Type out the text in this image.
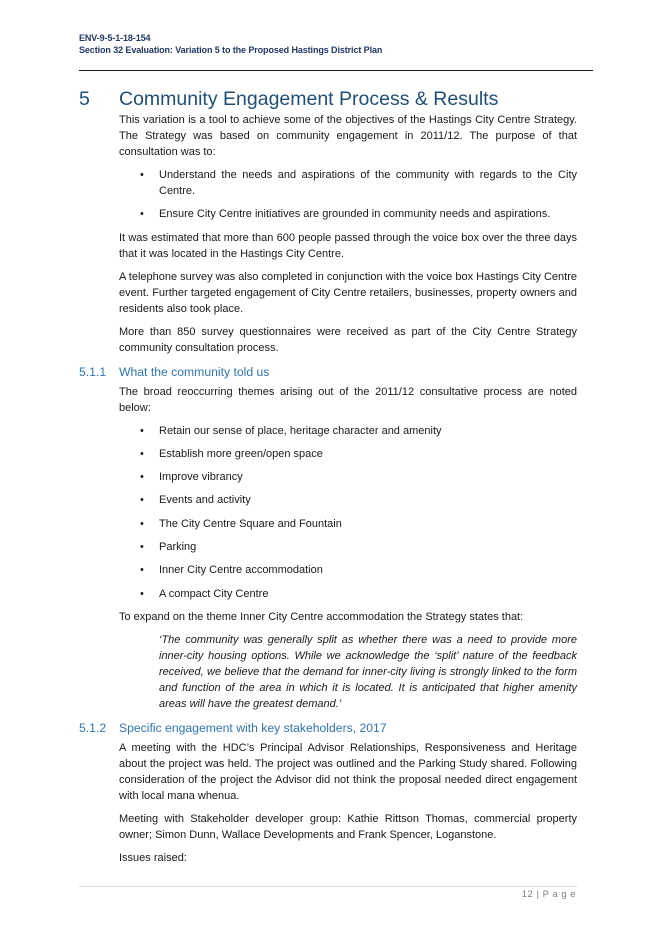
ENV-9-5-1-18-154
Section 32 Evaluation: Variation 5 to the Proposed Hastings District Plan
5	Community Engagement Process & Results

This variation is a tool to achieve some of the objectives of the Hastings City Centre Strategy. The Strategy was based on community engagement in 2011/12. The purpose of that consultation was to:

• Understand the needs and aspirations of the community with regards to the City Centre.
• Ensure City Centre initiatives are grounded in community needs and aspirations.

It was estimated that more than 600 people passed through the voice box over the three days that it was located in the Hastings City Centre.

A telephone survey was also completed in conjunction with the voice box Hastings City Centre event. Further targeted engagement of City Centre retailers, businesses, property owners and residents also took place.

More than 850 survey questionnaires were received as part of the City Centre Strategy community consultation process.

5.1.1	What the community told us

The broad reoccurring themes arising out of the 2011/12 consultative process are noted below:

• Retain our sense of place, heritage character and amenity
• Establish more green/open space
• Improve vibrancy
• Events and activity
• The City Centre Square and Fountain
• Parking
• Inner City Centre accommodation
• A compact City Centre

To expand on the theme Inner City Centre accommodation the Strategy states that:

‘The community was generally split as whether there was a need to provide more inner-city housing options. While we acknowledge the ‘split’ nature of the feedback received, we believe that the demand for inner-city living is strongly linked to the form and function of the area in which it is located. It is anticipated that higher amenity areas will have the greatest demand.’

5.1.2	Specific engagement with key stakeholders, 2017

A meeting with the HDC’s Principal Advisor Relationships, Responsiveness and Heritage about the project was held. The project was outlined and the Parking Study shared. Following consideration of the project the Advisor did not think the proposal needed direct engagement with local mana whenua.

Meeting with Stakeholder developer group: Kathie Rittson Thomas, commercial property owner; Simon Dunn, Wallace Developments and Frank Spencer, Loganstone.

Issues raised:

12 | P a g e
